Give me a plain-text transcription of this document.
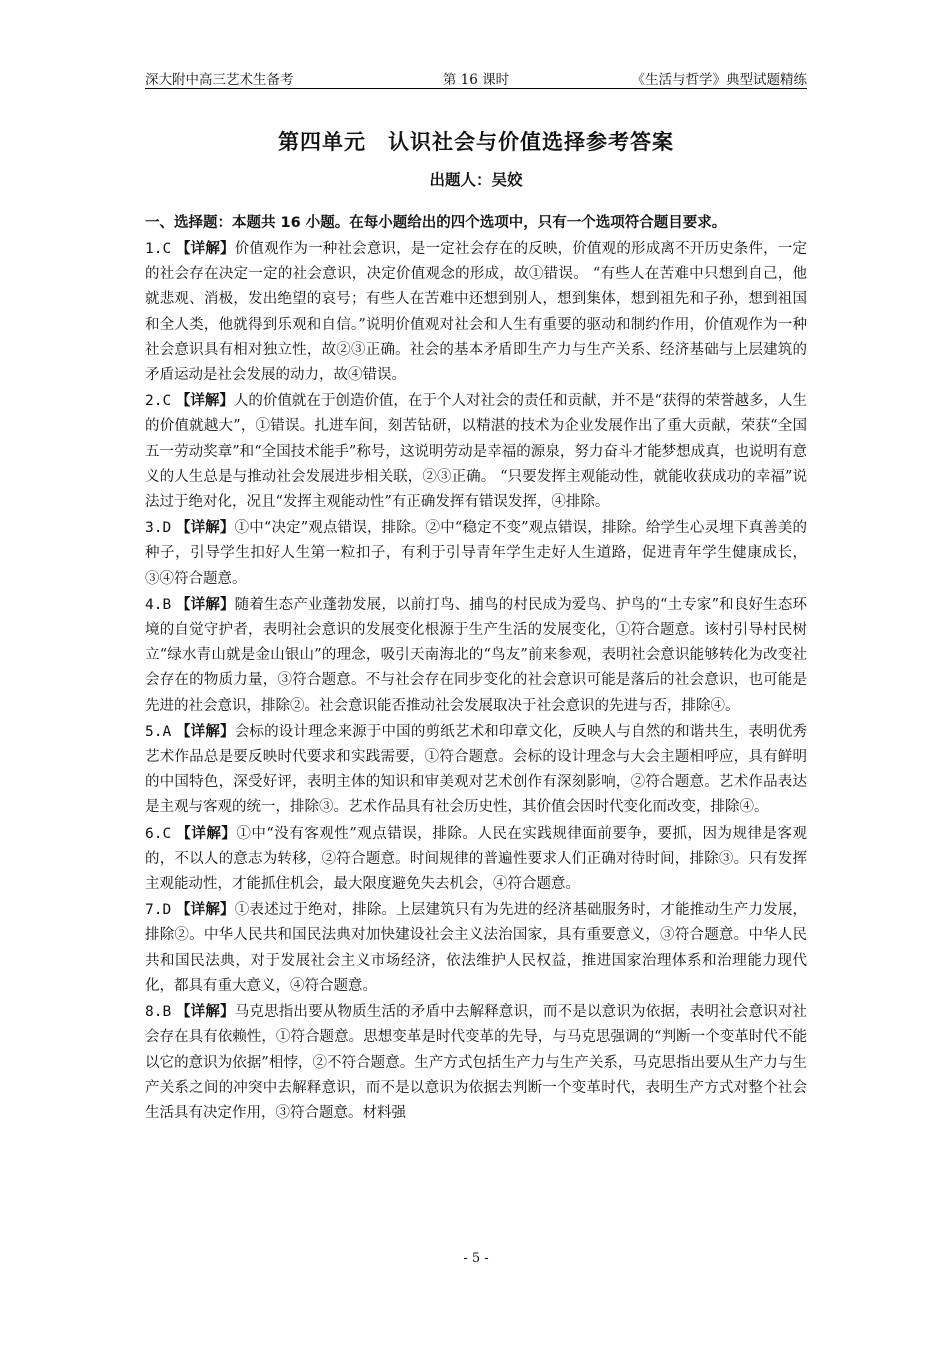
深大附中高三艺术生备考	第 16 课时	《生活与哲学》典型试题精练
第四单元　认识社会与价值选择参考答案
出题人：吴姣

一、选择题：本题共 16 小题。在每小题给出的四个选项中，只有一个选项符合题目要求。

1.C 【详解】价值观作为一种社会意识，是一定社会存在的反映，价值观的形成离不开历史条件，一定的社会存在决定一定的社会意识，决定价值观念的形成，故①错误。 “有些人在苦难中只想到自己，他就悲观、消极，发出绝望的哀号；有些人在苦难中还想到别人，想到集体，想到祖先和子孙，想到祖国和全人类，他就得到乐观和自信。”说明价值观对社会和人生有重要的驱动和制约作用，价值观作为一种社会意识具有相对独立性，故②③正确。社会的基本矛盾即生产力与生产关系、经济基础与上层建筑的矛盾运动是社会发展的动力，故④错误。

2.C 【详解】人的价值就在于创造价值，在于个人对社会的责任和贡献，并不是“获得的荣誉越多，人生的价值就越大”，①错误。扎进车间，刻苦钻研，以精湛的技术为企业发展作出了重大贡献，荣获“全国五一劳动奖章”和“全国技术能手”称号，这说明劳动是幸福的源泉，努力奋斗才能梦想成真，也说明有意义的人生总是与推动社会发展进步相关联，②③正确。 “只要发挥主观能动性，就能收获成功的幸福”说法过于绝对化，况且“发挥主观能动性”有正确发挥有错误发挥，④排除。

3.D 【详解】①中“决定”观点错误，排除。②中“稳定不变”观点错误，排除。给学生心灵埋下真善美的种子，引导学生扣好人生第一粒扣子，有利于引导青年学生走好人生道路，促进青年学生健康成长，③④符合题意。

4.B 【详解】随着生态产业蓬勃发展，以前打鸟、捕鸟的村民成为爱鸟、护鸟的“土专家”和良好生态环境的自觉守护者，表明社会意识的发展变化根源于生产生活的发展变化，①符合题意。该村引导村民树立“绿水青山就是金山银山”的理念，吸引天南海北的“鸟友”前来参观，表明社会意识能够转化为改变社会存在的物质力量，③符合题意。不与社会存在同步变化的社会意识可能是落后的社会意识，也可能是先进的社会意识，排除②。社会意识能否推动社会发展取决于社会意识的先进与否，排除④。

5.A 【详解】会标的设计理念来源于中国的剪纸艺术和印章文化，反映人与自然的和谐共生，表明优秀艺术作品总是要反映时代要求和实践需要，①符合题意。会标的设计理念与大会主题相呼应，具有鲜明的中国特色，深受好评，表明主体的知识和审美观对艺术创作有深刻影响，②符合题意。艺术作品表达是主观与客观的统一，排除③。艺术作品具有社会历史性，其价值会因时代变化而改变，排除④。

6.C 【详解】①中“没有客观性”观点错误，排除。人民在实践规律面前要争，要抓，因为规律是客观的，不以人的意志为转移，②符合题意。时间规律的普遍性要求人们正确对待时间，排除③。只有发挥主观能动性，才能抓住机会，最大限度避免失去机会，④符合题意。

7.D 【详解】①表述过于绝对，排除。上层建筑只有为先进的经济基础服务时，才能推动生产力发展，排除②。中华人民共和国民法典对加快建设社会主义法治国家，具有重要意义，③符合题意。中华人民共和国民法典，对于发展社会主义市场经济，依法维护人民权益，推进国家治理体系和治理能力现代化，都具有重大意义，④符合题意。

8.B 【详解】马克思指出要从物质生活的矛盾中去解释意识，而不是以意识为依据，表明社会意识对社会存在具有依赖性，①符合题意。思想变革是时代变革的先导，与马克思强调的“判断一个变革时代不能以它的意识为依据”相悖，②不符合题意。生产方式包括生产力与生产关系，马克思指出要从生产力与生产关系之间的冲突中去解释意识，而不是以意识为依据去判断一个变革时代，表明生产方式对整个社会生活具有决定作用，③符合题意。材料强

- 5 -
